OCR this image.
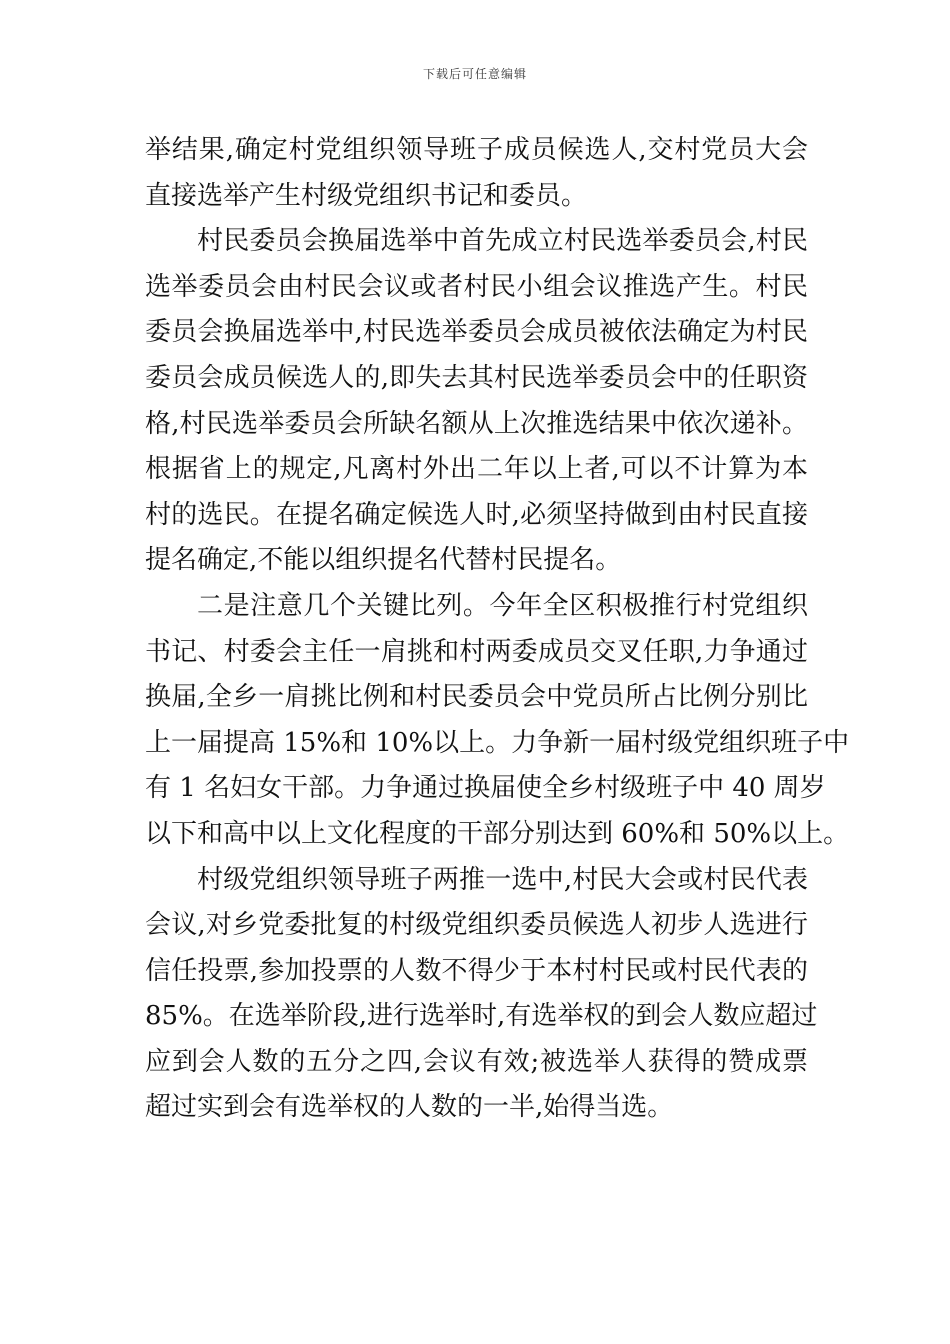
下载后可任意编辑
举结果,确定村党组织领导班子成员候选人,交村党员大会
直接选举产生村级党组织书记和委员。
村民委员会换届选举中首先成立村民选举委员会,村民
选举委员会由村民会议或者村民小组会议推选产生。村民
委员会换届选举中,村民选举委员会成员被依法确定为村民
委员会成员候选人的,即失去其村民选举委员会中的任职资
格,村民选举委员会所缺名额从上次推选结果中依次递补。
根据省上的规定,凡离村外出二年以上者,可以不计算为本
村的选民。在提名确定候选人时,必须坚持做到由村民直接
提名确定,不能以组织提名代替村民提名。
二是注意几个关键比列。今年全区积极推行村党组织
书记、村委会主任一肩挑和村两委成员交叉任职,力争通过
换届,全乡一肩挑比例和村民委员会中党员所占比例分别比
上一届提高 15%和 10%以上。力争新一届村级党组织班子中
有 1 名妇女干部。力争通过换届使全乡村级班子中 40 周岁
以下和高中以上文化程度的干部分别达到 60%和 50%以上。
村级党组织领导班子两推一选中,村民大会或村民代表
会议,对乡党委批复的村级党组织委员候选人初步人选进行
信任投票,参加投票的人数不得少于本村村民或村民代表的
85%。在选举阶段,进行选举时,有选举权的到会人数应超过
应到会人数的五分之四,会议有效;被选举人获得的赞成票
超过实到会有选举权的人数的一半,始得当选。
